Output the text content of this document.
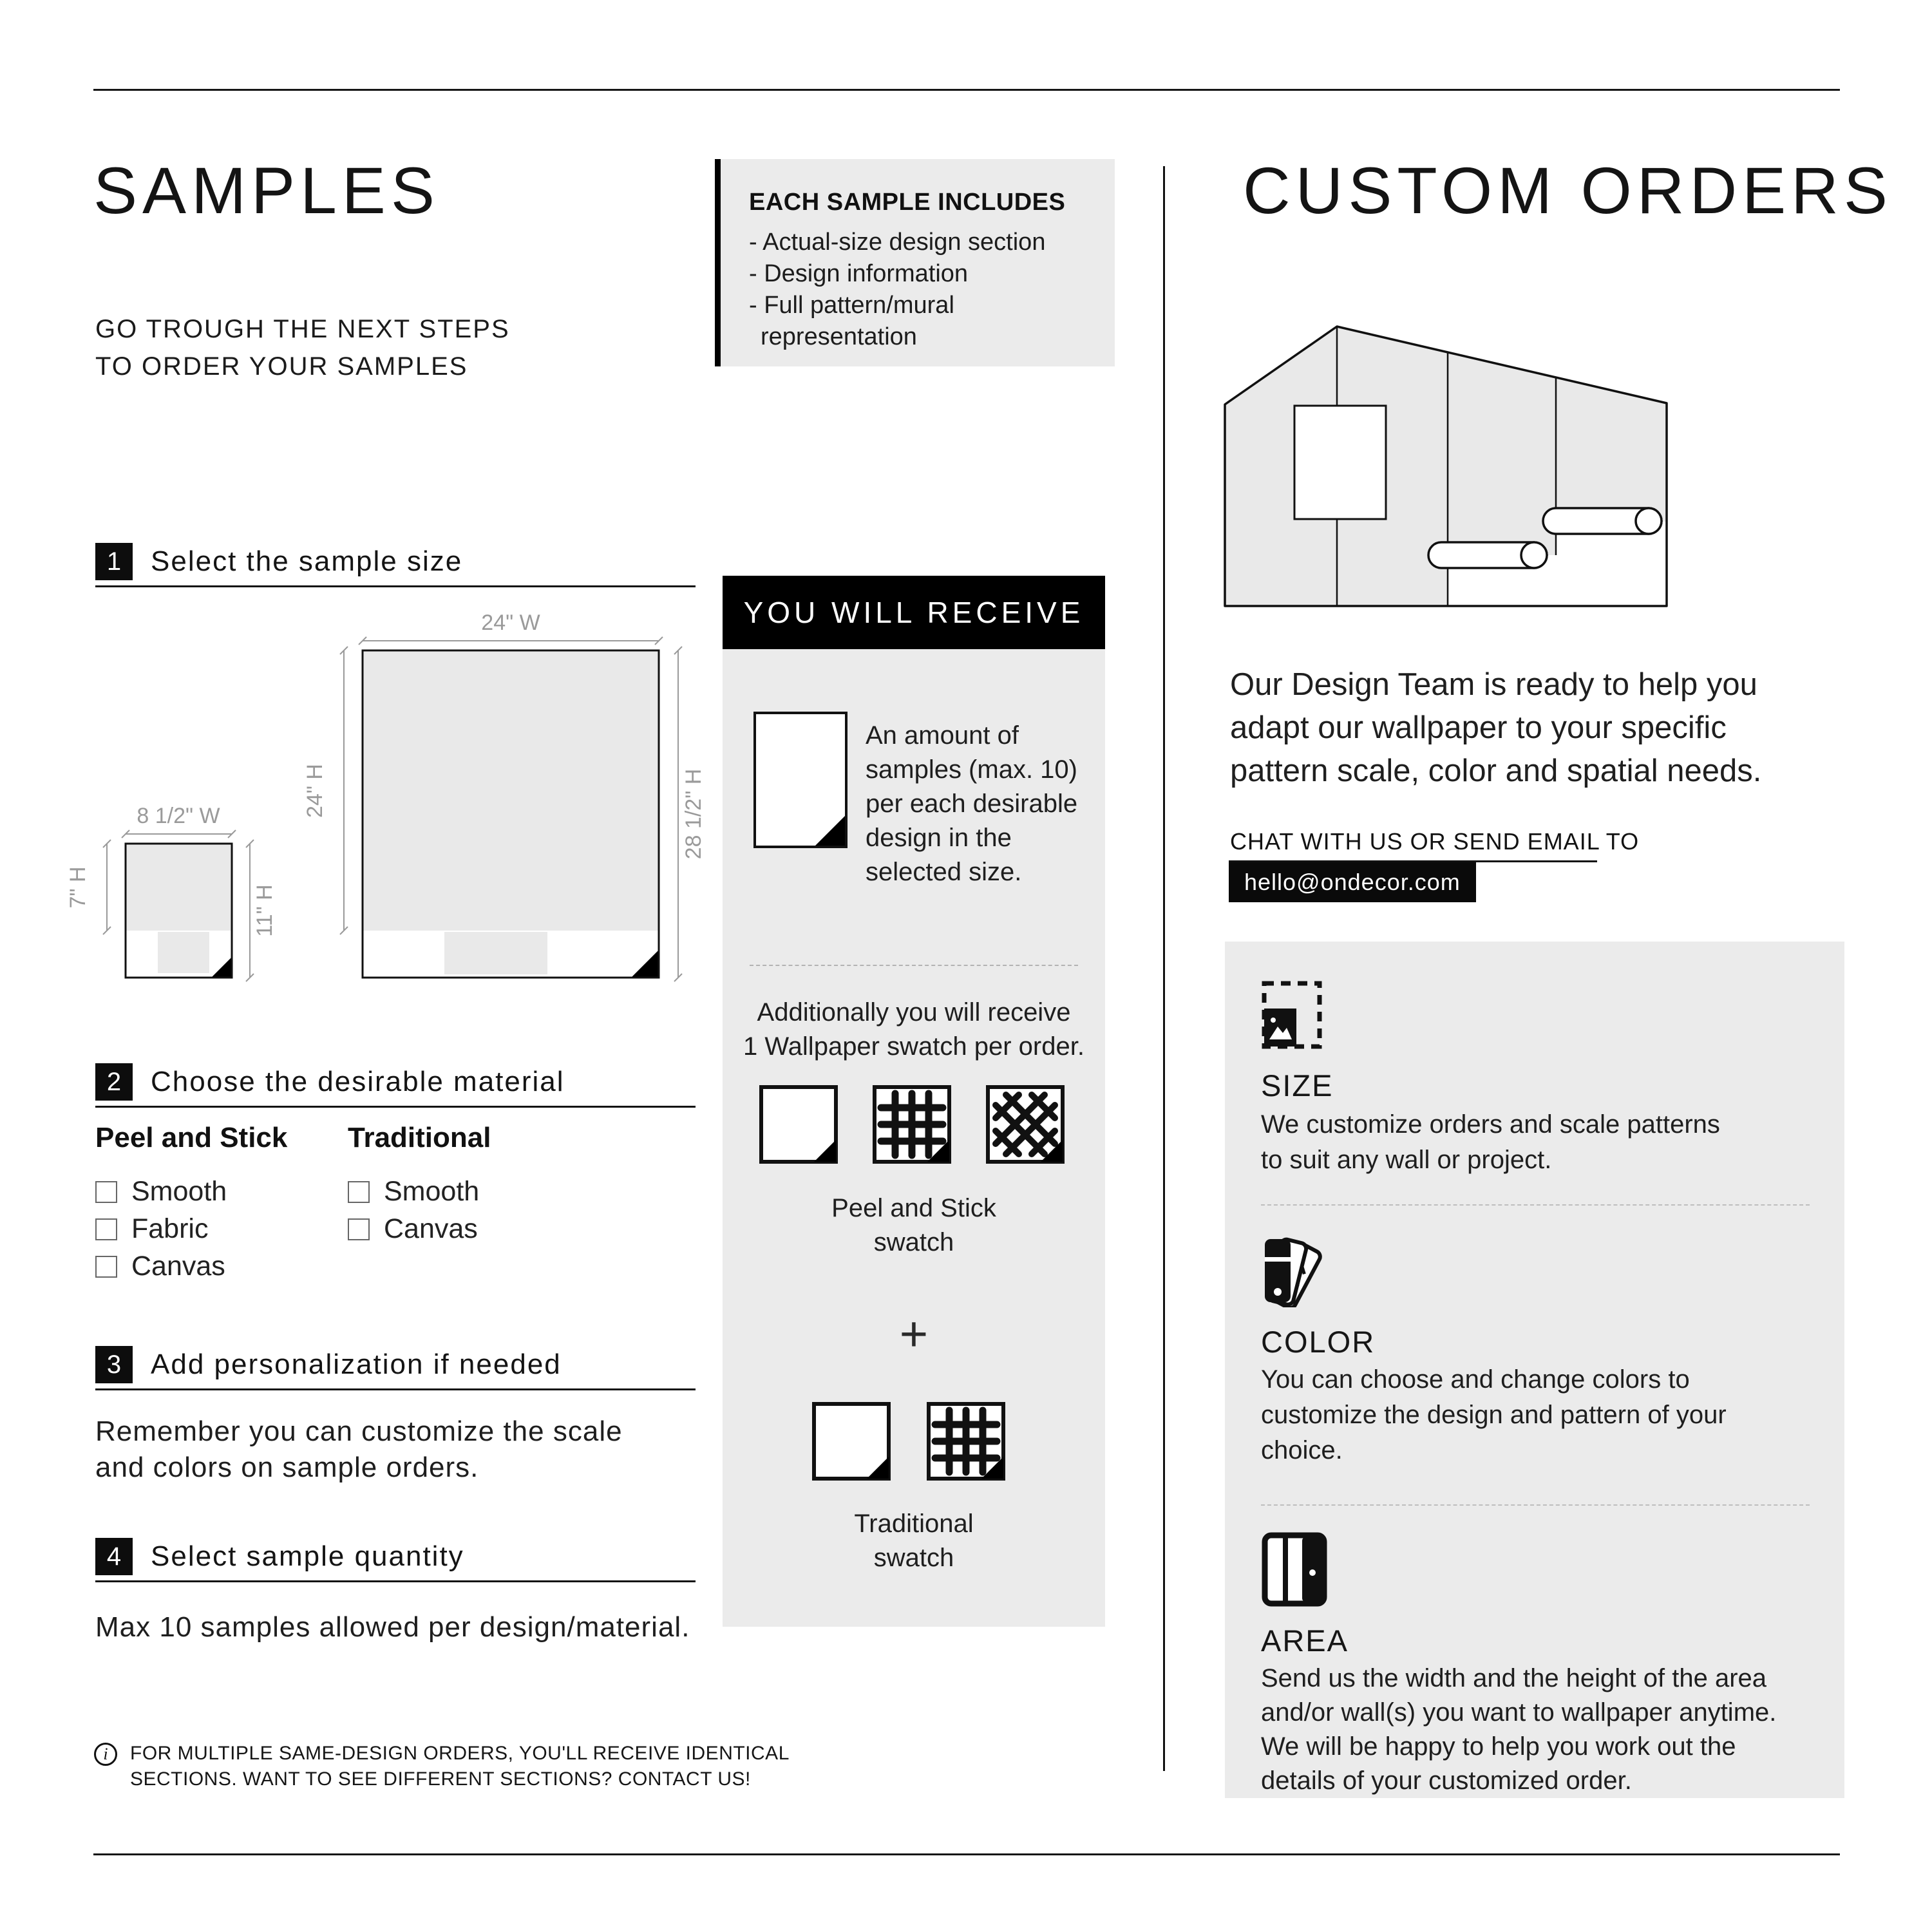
SAMPLES
GO TROUGH THE NEXT STEPS
TO ORDER YOUR SAMPLES
1	Select the sample size
2	Choose the desirable material
3	Add personalization if needed
4	Select sample quantity
24" W
8 1/2" W	24" H	28 1/2" H
7" H	11" H
Peel and Stick
Smooth
Fabric
Canvas
Traditional
Smooth
Canvas
Remember you can customize the scale
and colors on sample orders.
Max 10 samples allowed per design/material.
i	FOR MULTIPLE SAME-DESIGN ORDERS, YOU'LL RECEIVE IDENTICAL
SECTIONS. WANT TO SEE DIFFERENT SECTIONS? CONTACT US!
EACH SAMPLE INCLUDES
- Actual-size design section
- Design information
- Full pattern/mural
representation
YOU WILL RECEIVE
An amount of
samples (max. 10)
per each desirable
design in the
selected size.
Additionally you will receive
1 Wallpaper swatch per order.
Peel and Stick
swatch
+
Traditional
swatch
CUSTOM ORDERS
Our Design Team is ready to help you
adapt our wallpaper to your specific
pattern scale, color and spatial needs.
CHAT WITH US OR SEND EMAIL TO
hello@ondecor.com
SIZE
We customize orders and scale patterns
to suit any wall or project.
COLOR
You can choose and change colors to
customize the design and pattern of your
choice.
AREA
Send us the width and the height of the area
and/or wall(s) you want to wallpaper anytime.
We will be happy to help you work out the
details of your customized order.
